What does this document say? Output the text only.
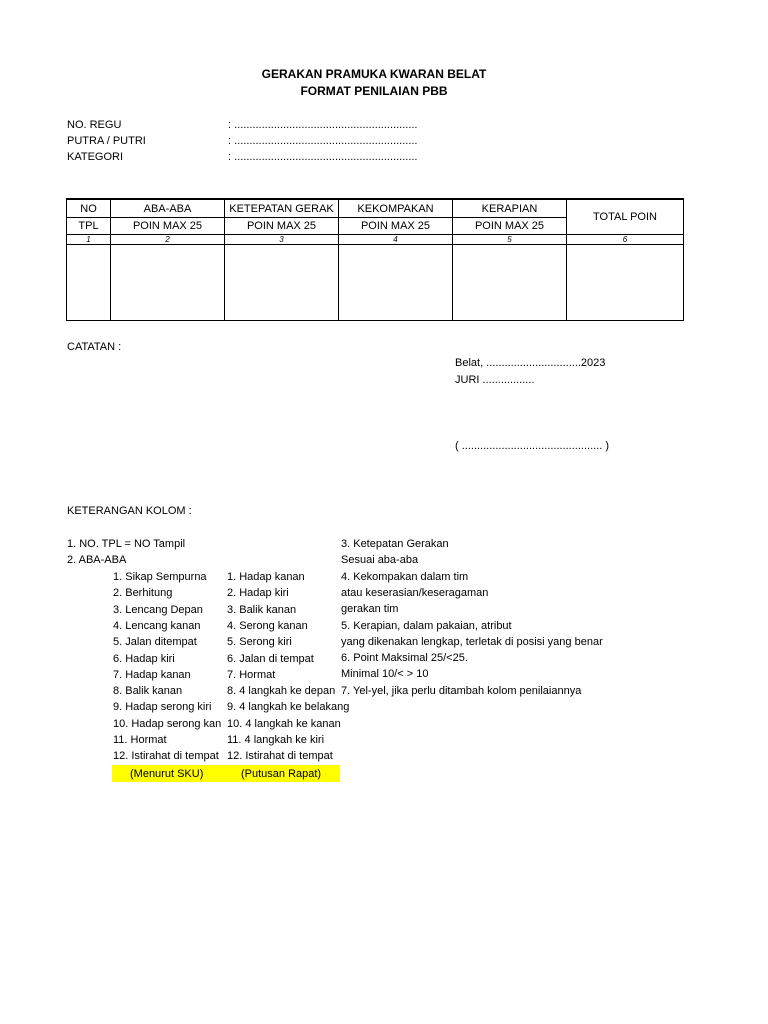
GERAKAN PRAMUKA KWARAN BELAT
FORMAT PENILAIAN PBB
NO. REGU	: ............................................................
PUTRA / PUTRI	: ............................................................
KATEGORI	: ............................................................
NO	ABA-ABA	KETEPATAN GERAK	KEKOMPAKAN	KERAPIAN	TOTAL POIN
TPL	POIN MAX 25	POIN MAX 25	POIN MAX 25	POIN MAX 25	
1	2	3	4	5	6

CATATAN :
Belat, ...............................2023
JURI .................
( .............................................. )
KETERANGAN KOLOM :
1. NO. TPL = NO Tampil
2. ABA-ABA
1. Sikap Sempurna
2. Berhitung
3. Lencang Depan
4. Lencang kanan
5. Jalan ditempat
6. Hadap kiri
7. Hadap kanan
8. Balik kanan
9. Hadap serong kiri
10. Hadap serong kan
11. Hormat
12. Istirahat di tempat
1. Hadap kanan
2. Hadap kiri
3. Balik kanan
4. Serong kanan
5. Serong kiri
6. Jalan di tempat
7. Hormat
8. 4 langkah ke depan
9. 4 langkah ke belakang
10. 4 langkah ke kanan
11. 4 langkah ke kiri
12. Istirahat di tempat
3. Ketepatan Gerakan
Sesuai aba-aba
4. Kekompakan dalam tim
atau keserasian/keseragaman
gerakan tim
5. Kerapian, dalam pakaian, atribut
yang dikenakan lengkap, terletak di posisi yang benar
6. Point Maksimal 25/<25.
Minimal 10/< > 10
7. Yel-yel, jika perlu ditambah kolom penilaiannya
(Menurut SKU)	(Putusan Rapat)
